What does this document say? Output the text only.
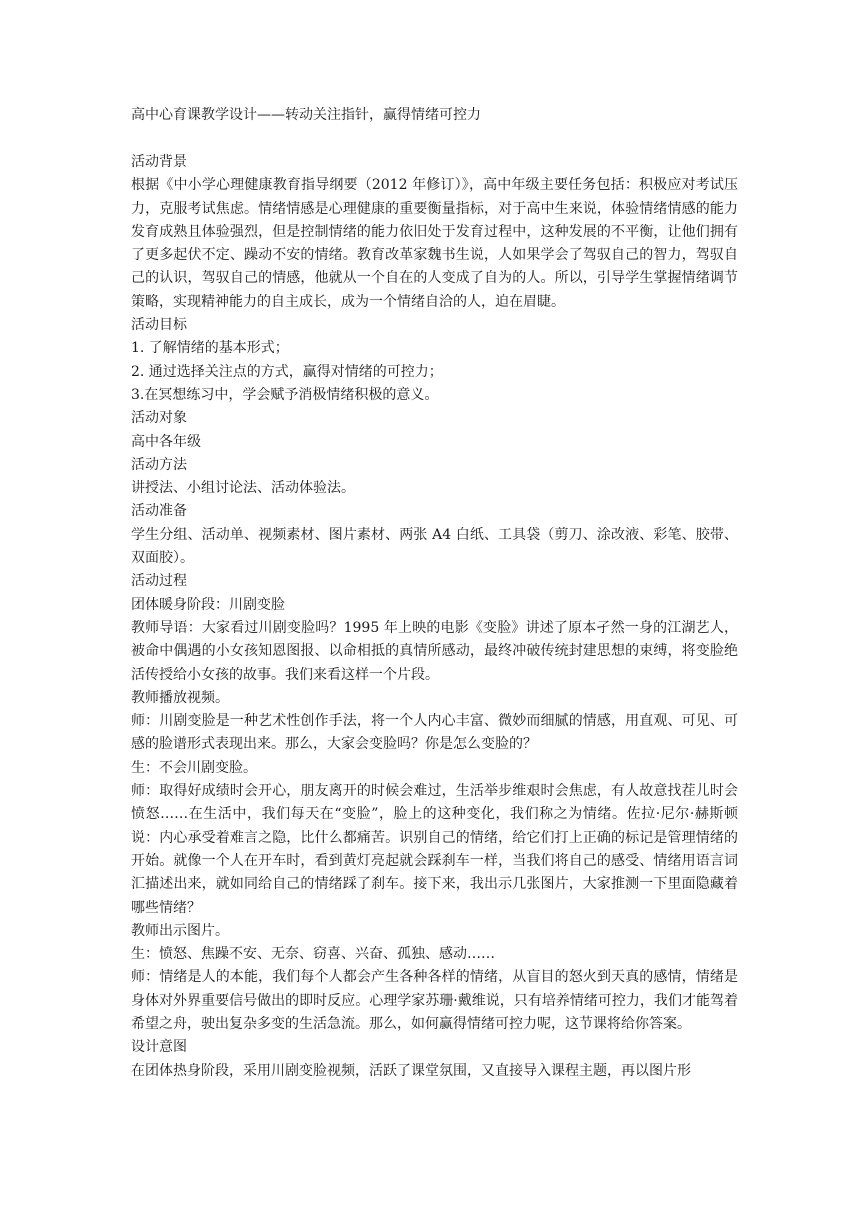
高中心育课教学设计——转动关注指针，赢得情绪可控力

活动背景

根据《中小学心理健康教育指导纲要（2012 年修订）》，高中年级主要任务包括：积极应对考试压力，克服考试焦虑。情绪情感是心理健康的重要衡量指标，对于高中生来说，体验情绪情感的能力发育成熟且体验强烈，但是控制情绪的能力依旧处于发育过程中，这种发展的不平衡，让他们拥有了更多起伏不定、躁动不安的情绪。教育改革家魏书生说，人如果学会了驾驭自己的智力，驾驭自己的认识，驾驭自己的情感，他就从一个自在的人变成了自为的人。所以，引导学生掌握情绪调节策略，实现精神能力的自主成长，成为一个情绪自洽的人，迫在眉睫。

活动目标

1. 了解情绪的基本形式；

2. 通过选择关注点的方式，赢得对情绪的可控力；

3.在冥想练习中，学会赋予消极情绪积极的意义。

活动对象

高中各年级

活动方法

讲授法、小组讨论法、活动体验法。

活动准备

学生分组、活动单、视频素材、图片素材、两张 A4 白纸、工具袋（剪刀、涂改液、彩笔、胶带、双面胶）。

活动过程

团体暖身阶段：川剧变脸

教师导语：大家看过川剧变脸吗？1995 年上映的电影《变脸》讲述了原本孑然一身的江湖艺人，被命中偶遇的小女孩知恩图报、以命相抵的真情所感动，最终冲破传统封建思想的束缚，将变脸绝活传授给小女孩的故事。我们来看这样一个片段。

教师播放视频。

师：川剧变脸是一种艺术性创作手法，将一个人内心丰富、微妙而细腻的情感，用直观、可见、可感的脸谱形式表现出来。那么，大家会变脸吗？你是怎么变脸的？

生：不会川剧变脸。

师：取得好成绩时会开心，朋友离开的时候会难过，生活举步维艰时会焦虑，有人故意找茬儿时会愤怒……在生活中，我们每天在“变脸”，脸上的这种变化，我们称之为情绪。佐拉·尼尔·赫斯顿说：内心承受着难言之隐，比什么都痛苦。识别自己的情绪，给它们打上正确的标记是管理情绪的开始。就像一个人在开车时，看到黄灯亮起就会踩刹车一样，当我们将自己的感受、情绪用语言词汇描述出来，就如同给自己的情绪踩了刹车。接下来，我出示几张图片，大家推测一下里面隐藏着哪些情绪？

教师出示图片。

生：愤怒、焦躁不安、无奈、窃喜、兴奋、孤独、感动……

师：情绪是人的本能，我们每个人都会产生各种各样的情绪，从盲目的怒火到天真的感情，情绪是身体对外界重要信号做出的即时反应。心理学家苏珊·戴维说，只有培养情绪可控力，我们才能驾着希望之舟，驶出复杂多变的生活急流。那么，如何赢得情绪可控力呢，这节课将给你答案。

设计意图

在团体热身阶段，采用川剧变脸视频，活跃了课堂氛围，又直接导入课程主题，再以图片形
